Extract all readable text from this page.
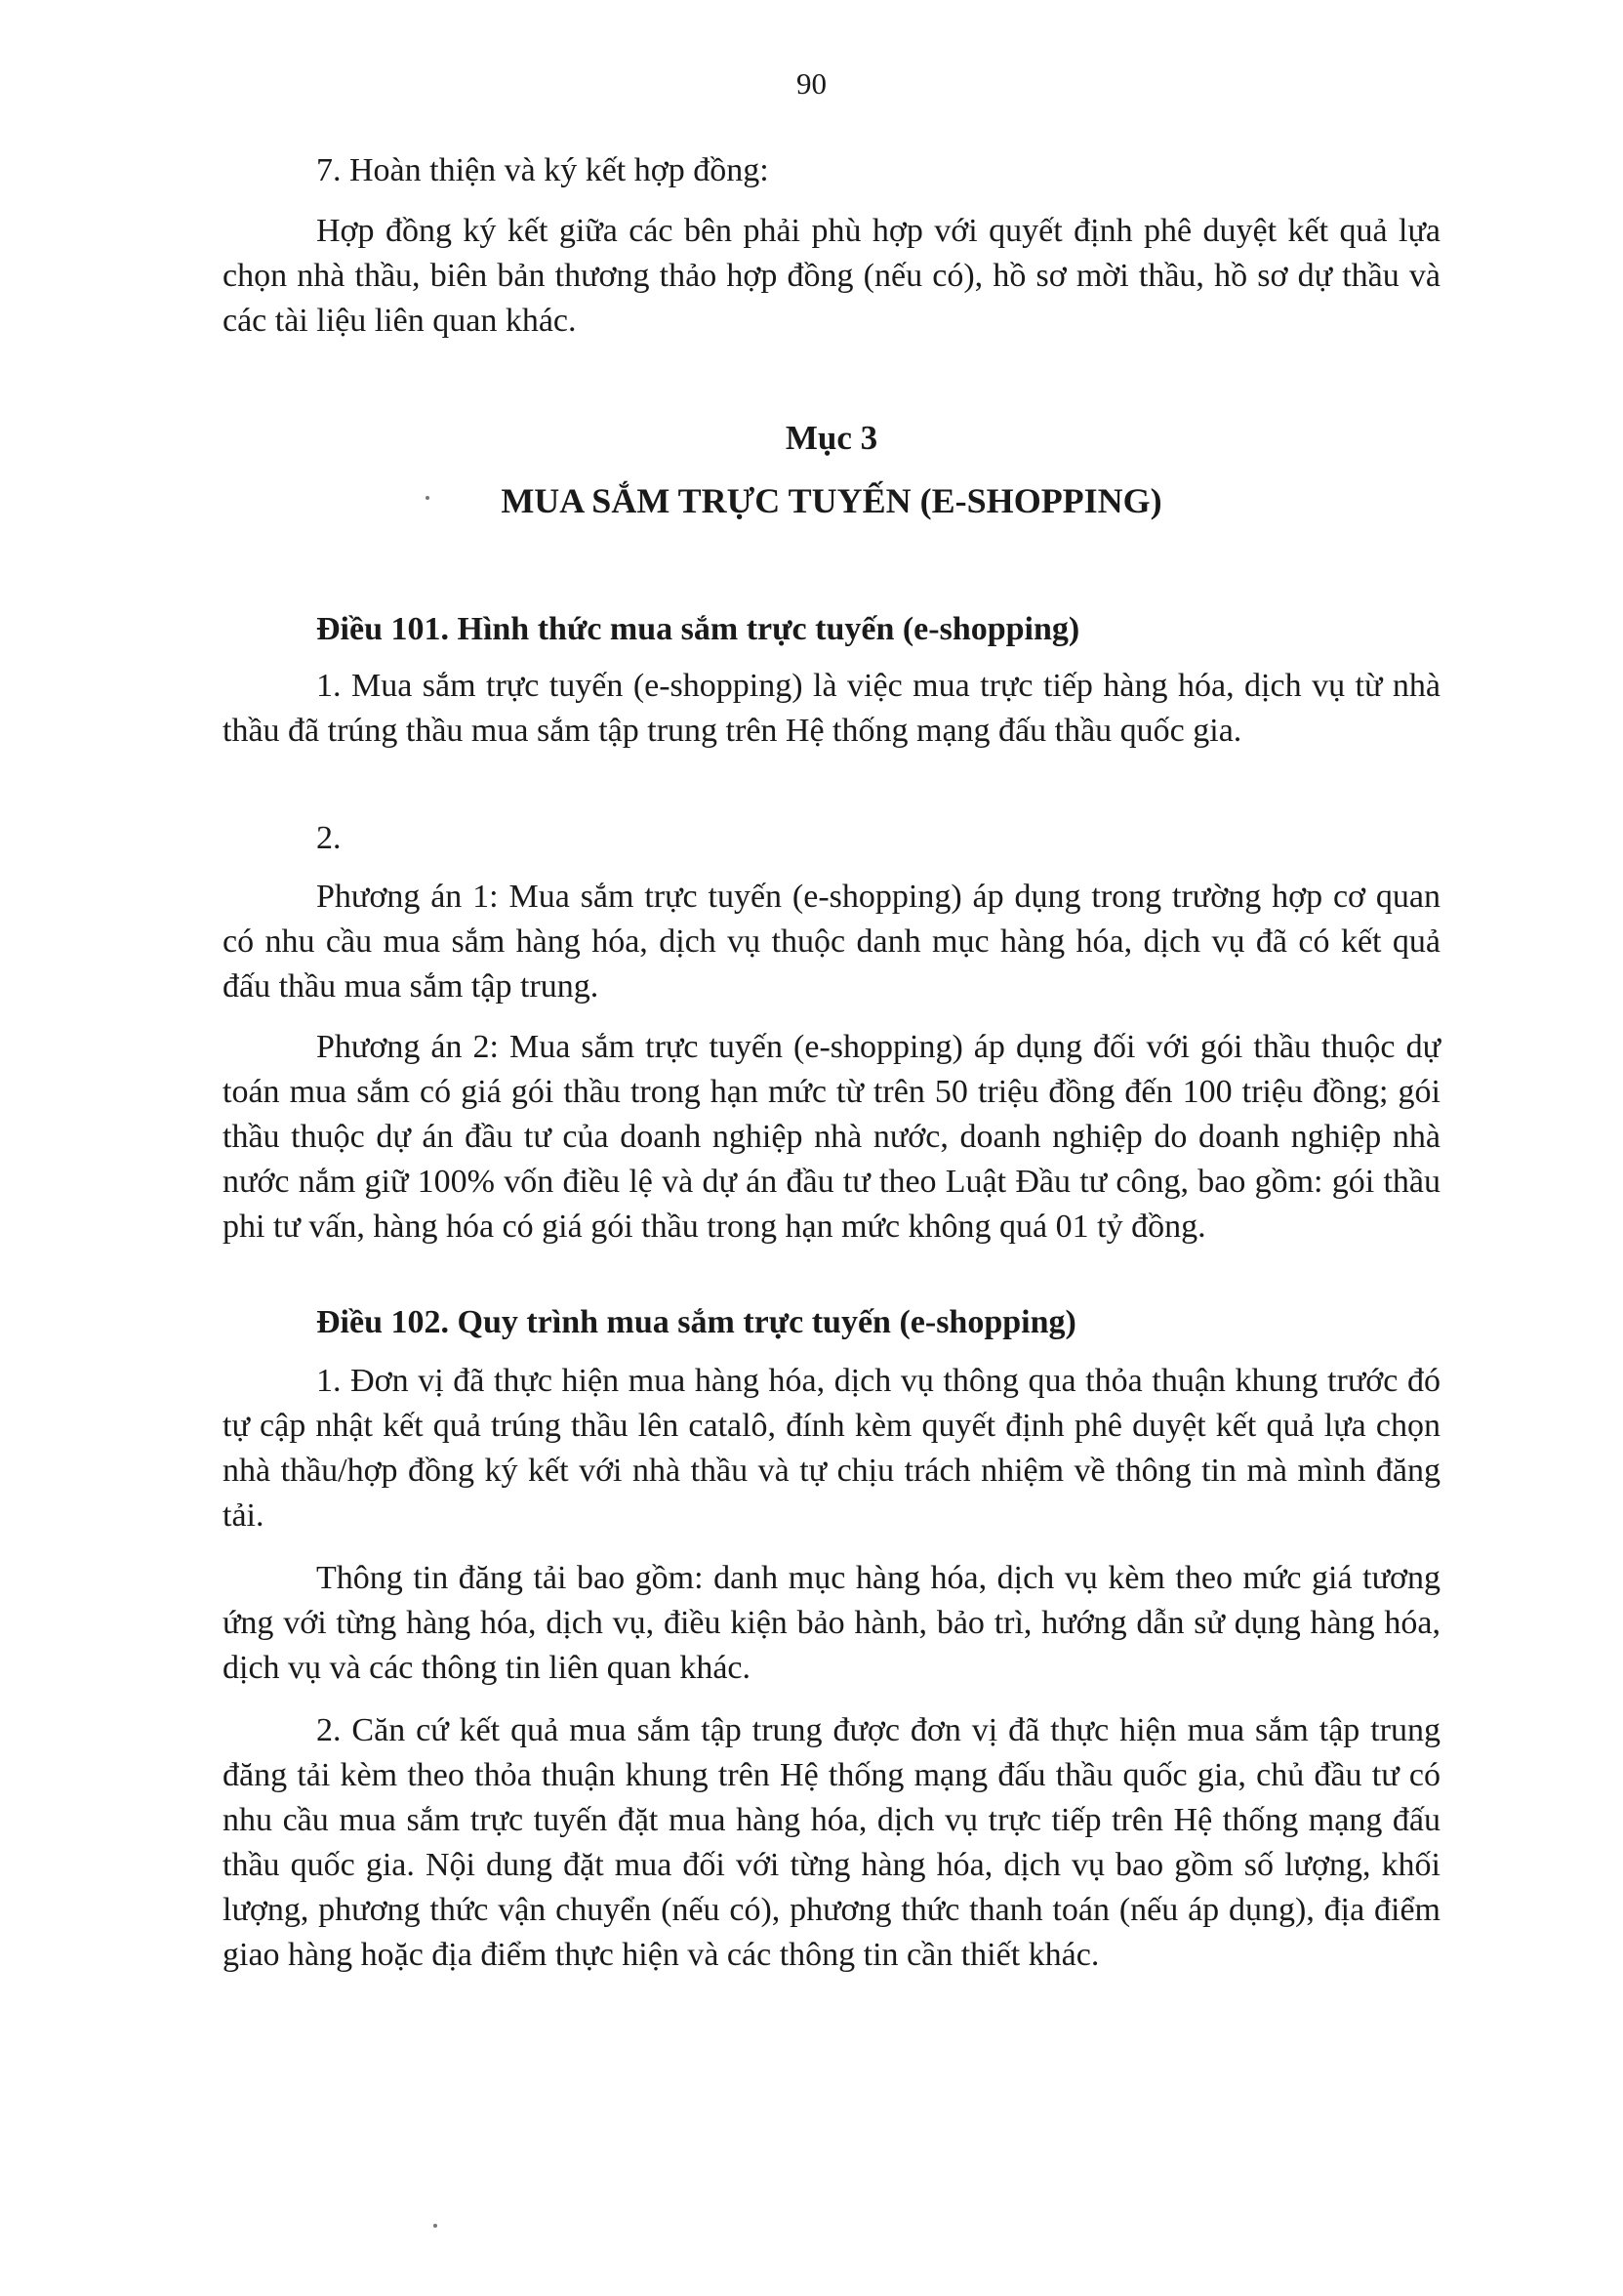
90
7. Hoàn thiện và ký kết hợp đồng:
Hợp đồng ký kết giữa các bên phải phù hợp với quyết định phê duyệt kết quả lựa chọn nhà thầu, biên bản thương thảo hợp đồng (nếu có), hồ sơ mời thầu, hồ sơ dự thầu và các tài liệu liên quan khác.
Mục 3
MUA SẮM TRỰC TUYẾN (E-SHOPPING)
Điều 101. Hình thức mua sắm trực tuyến (e-shopping)
1. Mua sắm trực tuyến (e-shopping) là việc mua trực tiếp hàng hóa, dịch vụ từ nhà thầu đã trúng thầu mua sắm tập trung trên Hệ thống mạng đấu thầu quốc gia.
2.
Phương án 1: Mua sắm trực tuyến (e-shopping) áp dụng trong trường hợp cơ quan có nhu cầu mua sắm hàng hóa, dịch vụ thuộc danh mục hàng hóa, dịch vụ đã có kết quả đấu thầu mua sắm tập trung.
Phương án 2: Mua sắm trực tuyến (e-shopping) áp dụng đối với gói thầu thuộc dự toán mua sắm có giá gói thầu trong hạn mức từ trên 50 triệu đồng đến 100 triệu đồng; gói thầu thuộc dự án đầu tư của doanh nghiệp nhà nước, doanh nghiệp do doanh nghiệp nhà nước nắm giữ 100% vốn điều lệ và dự án đầu tư theo Luật Đầu tư công, bao gồm: gói thầu phi tư vấn, hàng hóa có giá gói thầu trong hạn mức không quá 01 tỷ đồng.
Điều 102. Quy trình mua sắm trực tuyến (e-shopping)
1. Đơn vị đã thực hiện mua hàng hóa, dịch vụ thông qua thỏa thuận khung trước đó tự cập nhật kết quả trúng thầu lên catalô, đính kèm quyết định phê duyệt kết quả lựa chọn nhà thầu/hợp đồng ký kết với nhà thầu và tự chịu trách nhiệm về thông tin mà mình đăng tải.
Thông tin đăng tải bao gồm: danh mục hàng hóa, dịch vụ kèm theo mức giá tương ứng với từng hàng hóa, dịch vụ, điều kiện bảo hành, bảo trì, hướng dẫn sử dụng hàng hóa, dịch vụ và các thông tin liên quan khác.
2. Căn cứ kết quả mua sắm tập trung được đơn vị đã thực hiện mua sắm tập trung đăng tải kèm theo thỏa thuận khung trên Hệ thống mạng đấu thầu quốc gia, chủ đầu tư có nhu cầu mua sắm trực tuyến đặt mua hàng hóa, dịch vụ trực tiếp trên Hệ thống mạng đấu thầu quốc gia. Nội dung đặt mua đối với từng hàng hóa, dịch vụ bao gồm số lượng, khối lượng, phương thức vận chuyển (nếu có), phương thức thanh toán (nếu áp dụng), địa điểm giao hàng hoặc địa điểm thực hiện và các thông tin cần thiết khác.
